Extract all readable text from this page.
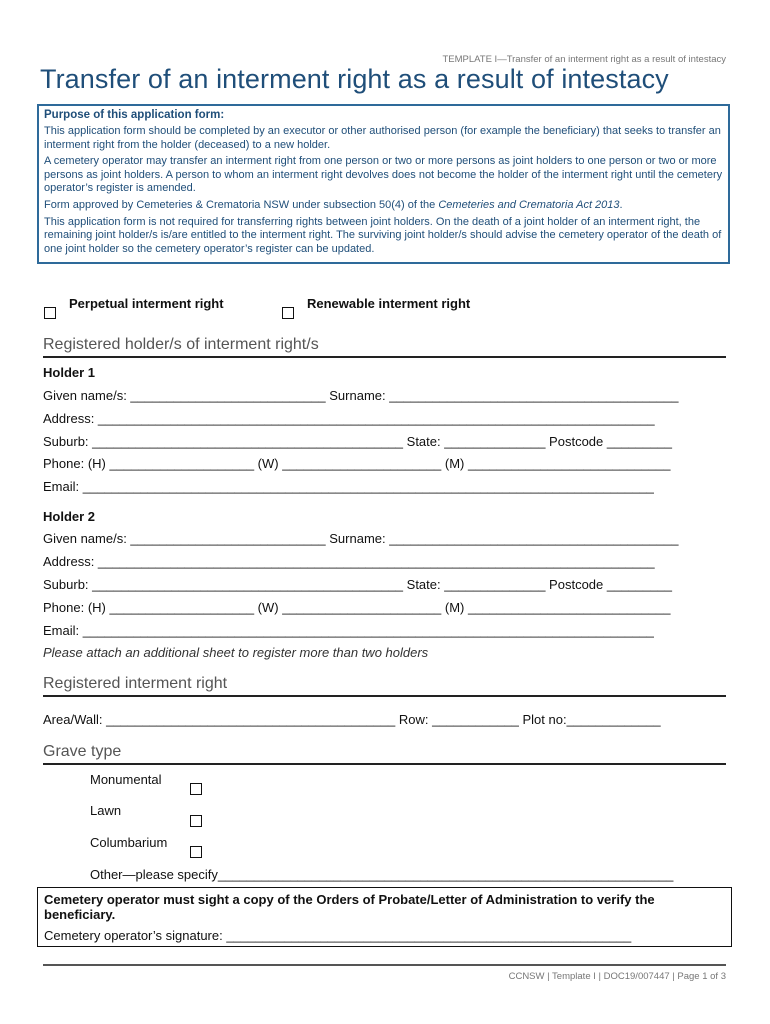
TEMPLATE I—Transfer of an interment right as a result of intestacy
Transfer of an interment right as a result of intestacy
Purpose of this application form:

This application form should be completed by an executor or other authorised person (for example the beneficiary) that seeks to transfer an interment right from the holder (deceased) to a new holder.

A cemetery operator may transfer an interment right from one person or two or more persons as joint holders to one person or two or more persons as joint holders. A person to whom an interment right devolves does not become the holder of the interment right until the cemetery operator’s register is amended.

Form approved by Cemeteries & Crematoria NSW under subsection 50(4) of the Cemeteries and Crematoria Act 2013.

This application form is not required for transferring rights between joint holders. On the death of a joint holder of an interment right, the remaining joint holder/s is/are entitled to the interment right. The surviving joint holder/s should advise the cemetery operator of the death of one joint holder so the cemetery operator’s register can be updated.

Perpetual interment right	Renewable interment right
Registered holder/s of interment right/s
Holder 1
Given name/s: ___________________________ Surname: ________________________________________
Address: _____________________________________________________________________________
Suburb: ___________________________________________ State: ______________ Postcode _________
Phone: (H) ____________________ (W) ______________________ (M) ____________________________
Email: _______________________________________________________________________________
Holder 2
Given name/s: ___________________________ Surname: ________________________________________
Address: _____________________________________________________________________________
Suburb: ___________________________________________ State: ______________ Postcode _________
Phone: (H) ____________________ (W) ______________________ (M) ____________________________
Email: _______________________________________________________________________________
Please attach an additional sheet to register more than two holders
Registered interment right
Area/Wall: ________________________________________ Row: ____________ Plot no:_____________
Grave type
Monumental
Lawn
Columbarium
Other—please specify_______________________________________________________________

Cemetery operator must sight a copy of the Orders of Probate/Letter of Administration to verify the beneficiary.

Cemetery operator’s signature: ________________________________________________________
CCNSW | Template I | DOC19/007447 | Page 1 of 3
